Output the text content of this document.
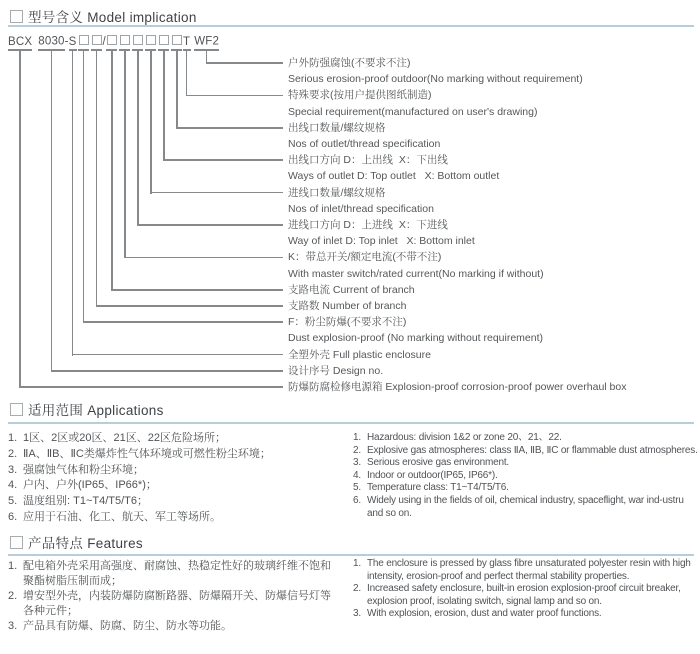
型号含义 Model implication
BCX 8030-S /	T WF2
户外防强腐蚀(不要求不注)
Serious erosion-proof outdoor(No marking without requirement)
特殊要求(按用户提供图纸制造)
Special requirement(manufactured on user's drawing)
出线口数量/螺纹规格
Nos of outlet/thread specification
出线口方向 D：上出线  X：下出线
Ways of outlet D: Top outlet   X: Bottom outlet
进线口数量/螺纹规格
Nos of inlet/thread specification
进线口方向 D：上进线  X：下进线
Way of inlet D: Top inlet   X: Bottom inlet
K：带总开关/额定电流(不带不注)
With master switch/rated current(No marking if without)
支路电流 Current of branch
支路数 Number of branch
F：粉尘防爆(不要求不注)
Dust explosion-proof (No marking without requirement)
全塑外壳 Full plastic enclosure
设计序号 Design no.
防爆防腐检修电源箱 Explosion-proof corrosion-proof power overhaul box
适用范围 Applications
1. 1区、2区或20区、21区、22区危险场所；
2. ⅡA、ⅡB、ⅡC类爆炸性气体环境或可燃性粉尘环境；
3. 强腐蚀气体和粉尘环境；
4. 户内、户外(IP65、IP66*)；
5. 温度组别: T1~T4/T5/T6；
6. 应用于石油、化工、航天、军工等场所。
1. Hazardous: division 1&2 or zone 20、21、22.
2. Explosive gas atmospheres: class ⅡA, ⅡB, ⅡC or flammable dust atmospheres.
3. Serious erosive gas environment.
4. Indoor or outdoor(IP65, IP66*).
5. Temperature class: T1~T4/T5/T6.
6. Widely using in the fields of oil, chemical industry, spaceflight, war ind-ustru and so on.
产品特点 Features
1. 配电箱外壳采用高强度、耐腐蚀、热稳定性好的玻璃纤维不饱和聚酯树脂压制而成；
2. 增安型外壳，内装防爆防腐断路器、防爆隔开关、防爆信号灯等各种元件；
3. 产品具有防爆、防腐、防尘、防水等功能。
1. The enclosure is pressed by glass fibre unsaturated polyester resin with high intensity, erosion-proof and perfect thermal stability properties.
2. Increased safety enclosure, built-in erosion explosion-proof circuit breaker, explosion proof, isolating switch, signal lamp and so on.
3. With explosion, erosion, dust and water proof functions.
